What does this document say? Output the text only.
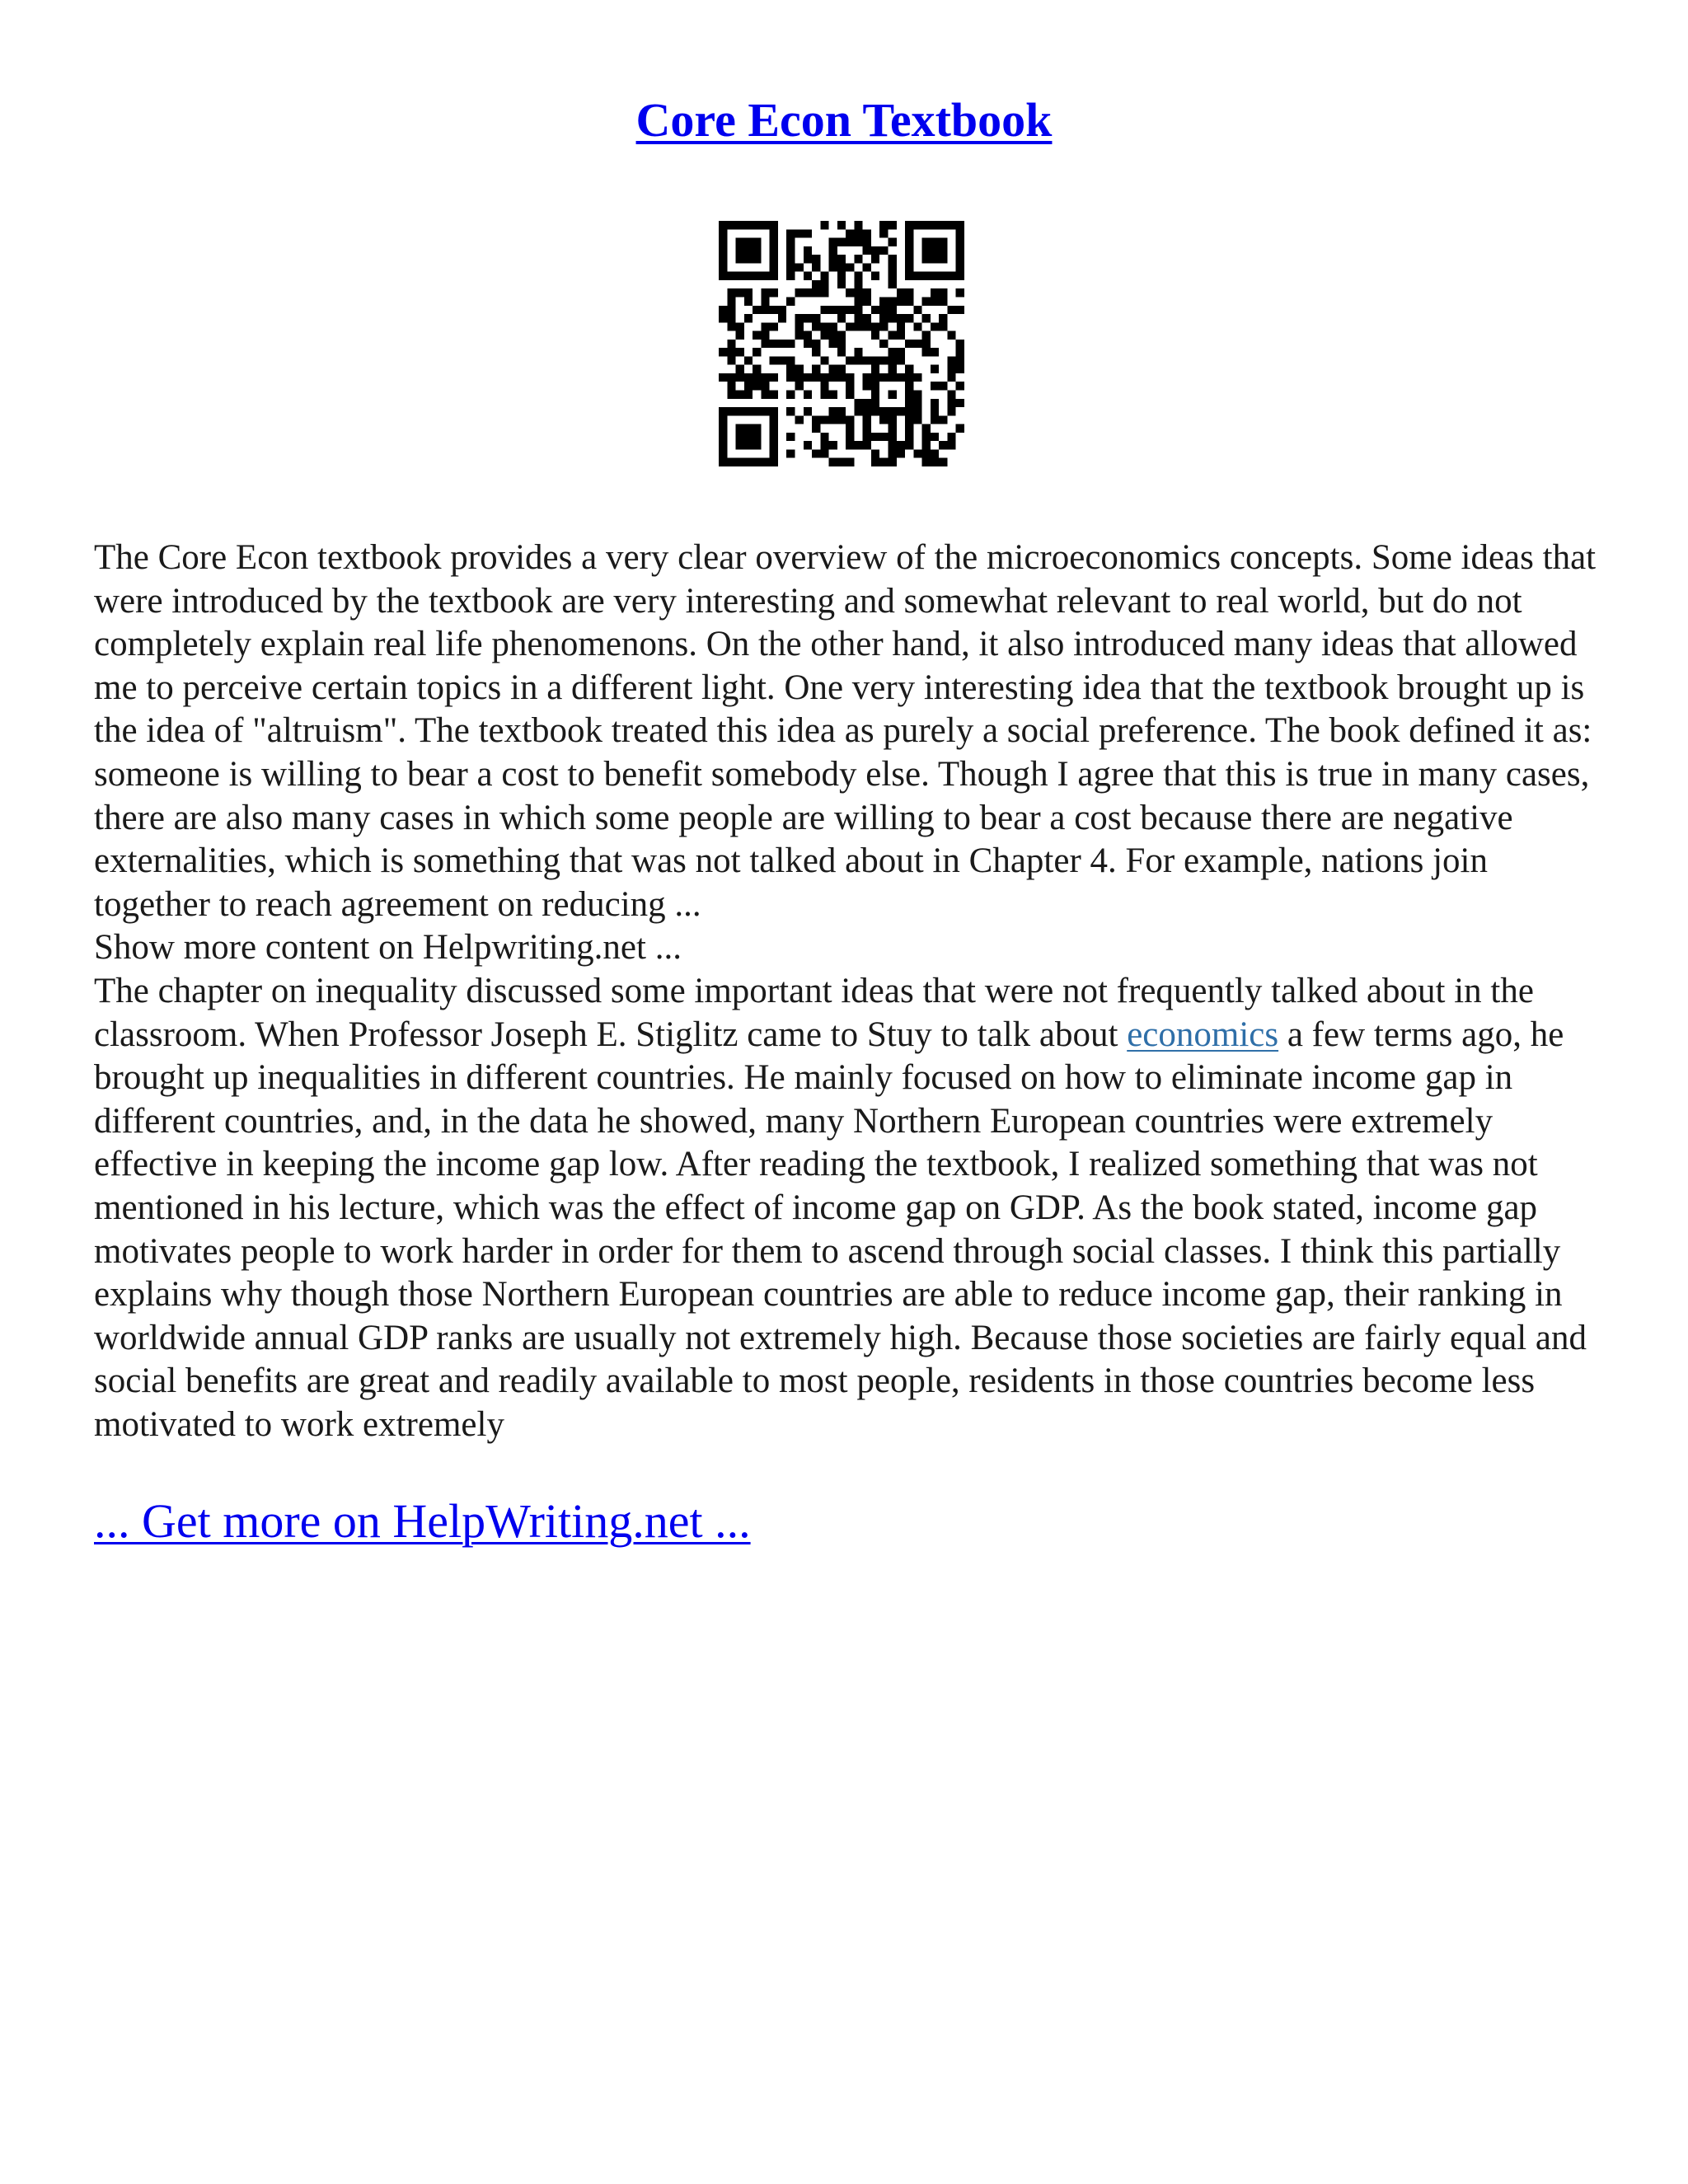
Core Econ Textbook

The Core Econ textbook provides a very clear overview of the microeconomics concepts. Some ideas that were introduced by the textbook are very interesting and somewhat relevant to real world, but do not completely explain real life phenomenons. On the other hand, it also introduced many ideas that allowed me to perceive certain topics in a different light. One very interesting idea that the textbook brought up is the idea of "altruism". The textbook treated this idea as purely a social preference. The book defined it as: someone is willing to bear a cost to benefit somebody else. Though I agree that this is true in many cases, there are also many cases in which some people are willing to bear a cost because there are negative externalities, which is something that was not talked about in Chapter 4. For example, nations join together to reach agreement on reducing ...

Show more content on Helpwriting.net ...

The chapter on inequality discussed some important ideas that were not frequently talked about in the classroom. When Professor Joseph E. Stiglitz came to Stuy to talk about economics a few terms ago, he brought up inequalities in different countries. He mainly focused on how to eliminate income gap in different countries, and, in the data he showed, many Northern European countries were extremely effective in keeping the income gap low. After reading the textbook, I realized something that was not mentioned in his lecture, which was the effect of income gap on GDP. As the book stated, income gap motivates people to work harder in order for them to ascend through social classes. I think this partially explains why though those Northern European countries are able to reduce income gap, their ranking in worldwide annual GDP ranks are usually not extremely high. Because those societies are fairly equal and social benefits are great and readily available to most people, residents in those countries become less motivated to work extremely

... Get more on HelpWriting.net ...
